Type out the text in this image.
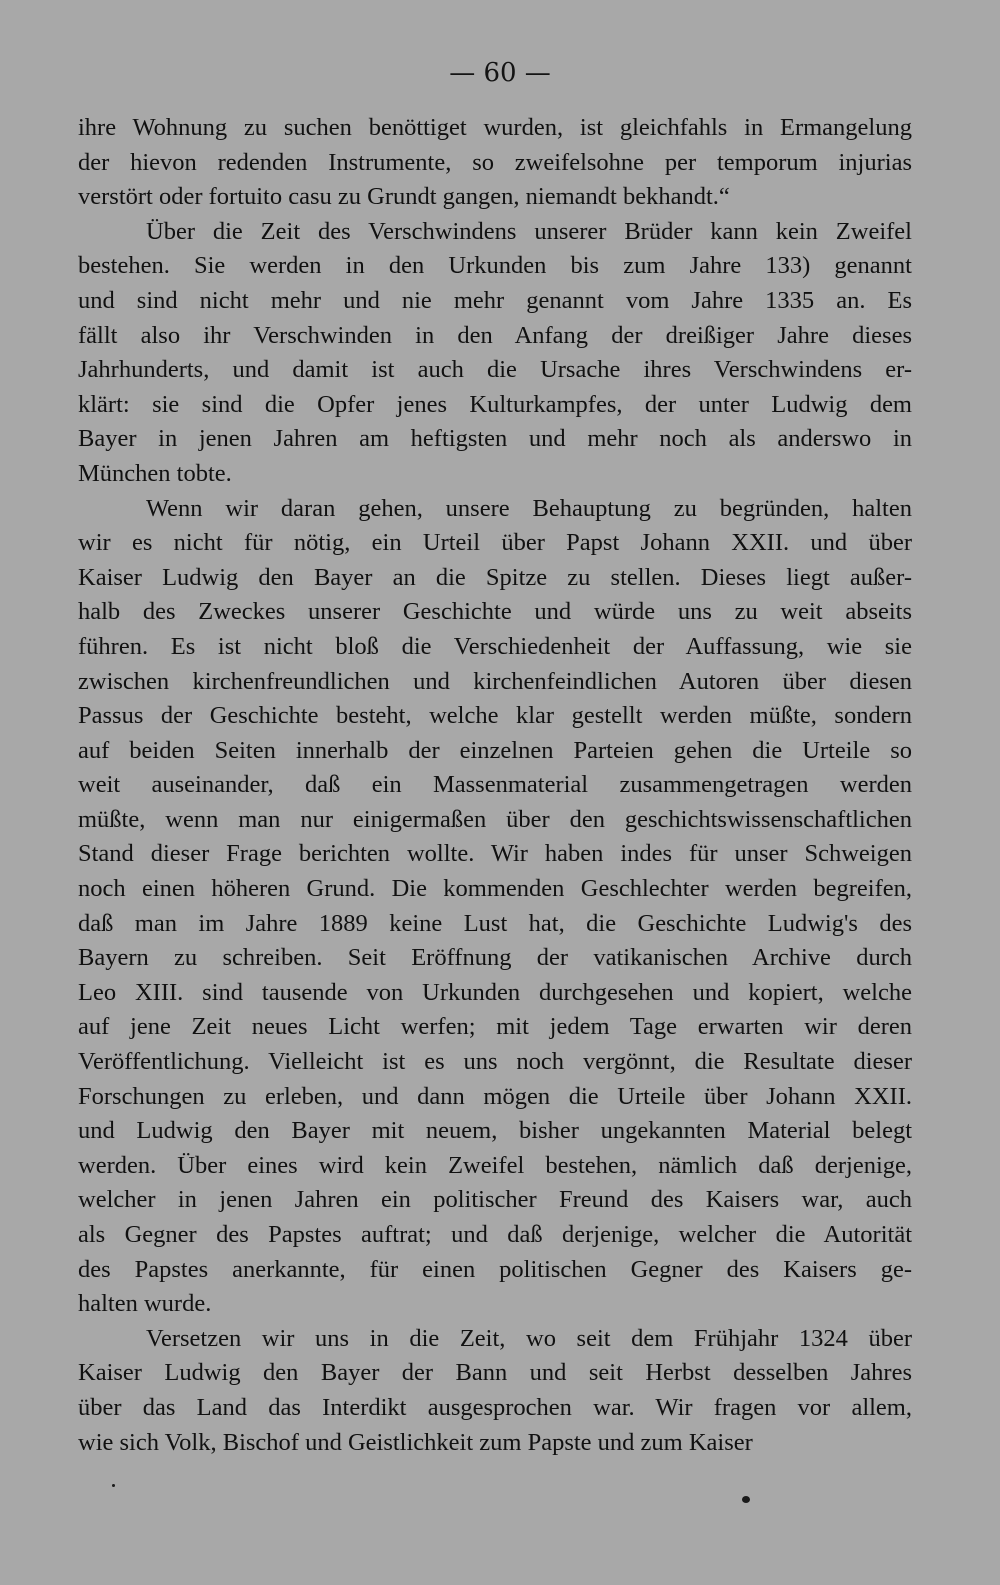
— 60 —
ihre Wohnung zu suchen benöttiget wurden, ist gleichfahls in Ermangelung
der hievon redenden Instrumente, so zweifelsohne per temporum injurias
verstört oder fortuito casu zu Grundt gangen, niemandt bekhandt.“
Über die Zeit des Verschwindens unserer Brüder kann kein Zweifel
bestehen. Sie werden in den Urkunden bis zum Jahre 133) genannt
und sind nicht mehr und nie mehr genannt vom Jahre 1335 an. Es
fällt also ihr Verschwinden in den Anfang der dreißiger Jahre dieses
Jahrhunderts, und damit ist auch die Ursache ihres Verschwindens er-
klärt: sie sind die Opfer jenes Kulturkampfes, der unter Ludwig dem
Bayer in jenen Jahren am heftigsten und mehr noch als anderswo in
München tobte.
Wenn wir daran gehen, unsere Behauptung zu begründen, halten
wir es nicht für nötig, ein Urteil über Papst Johann XXII. und über
Kaiser Ludwig den Bayer an die Spitze zu stellen. Dieses liegt außer-
halb des Zweckes unserer Geschichte und würde uns zu weit abseits
führen. Es ist nicht bloß die Verschiedenheit der Auffassung, wie sie
zwischen kirchenfreundlichen und kirchenfeindlichen Autoren über diesen
Passus der Geschichte besteht, welche klar gestellt werden müßte, sondern
auf beiden Seiten innerhalb der einzelnen Parteien gehen die Urteile so
weit auseinander, daß ein Massenmaterial zusammengetragen werden
müßte, wenn man nur einigermaßen über den geschichtswissenschaftlichen
Stand dieser Frage berichten wollte. Wir haben indes für unser Schweigen
noch einen höheren Grund. Die kommenden Geschlechter werden begreifen,
daß man im Jahre 1889 keine Lust hat, die Geschichte Ludwig's des
Bayern zu schreiben. Seit Eröffnung der vatikanischen Archive durch
Leo XIII. sind tausende von Urkunden durchgesehen und kopiert, welche
auf jene Zeit neues Licht werfen; mit jedem Tage erwarten wir deren
Veröffentlichung. Vielleicht ist es uns noch vergönnt, die Resultate dieser
Forschungen zu erleben, und dann mögen die Urteile über Johann XXII.
und Ludwig den Bayer mit neuem, bisher ungekannten Material belegt
werden. Über eines wird kein Zweifel bestehen, nämlich daß derjenige,
welcher in jenen Jahren ein politischer Freund des Kaisers war, auch
als Gegner des Papstes auftrat; und daß derjenige, welcher die Autorität
des Papstes anerkannte, für einen politischen Gegner des Kaisers ge-
halten wurde.
Versetzen wir uns in die Zeit, wo seit dem Frühjahr 1324 über
Kaiser Ludwig den Bayer der Bann und seit Herbst desselben Jahres
über das Land das Interdikt ausgesprochen war. Wir fragen vor allem,
wie sich Volk, Bischof und Geistlichkeit zum Papste und zum Kaiser
